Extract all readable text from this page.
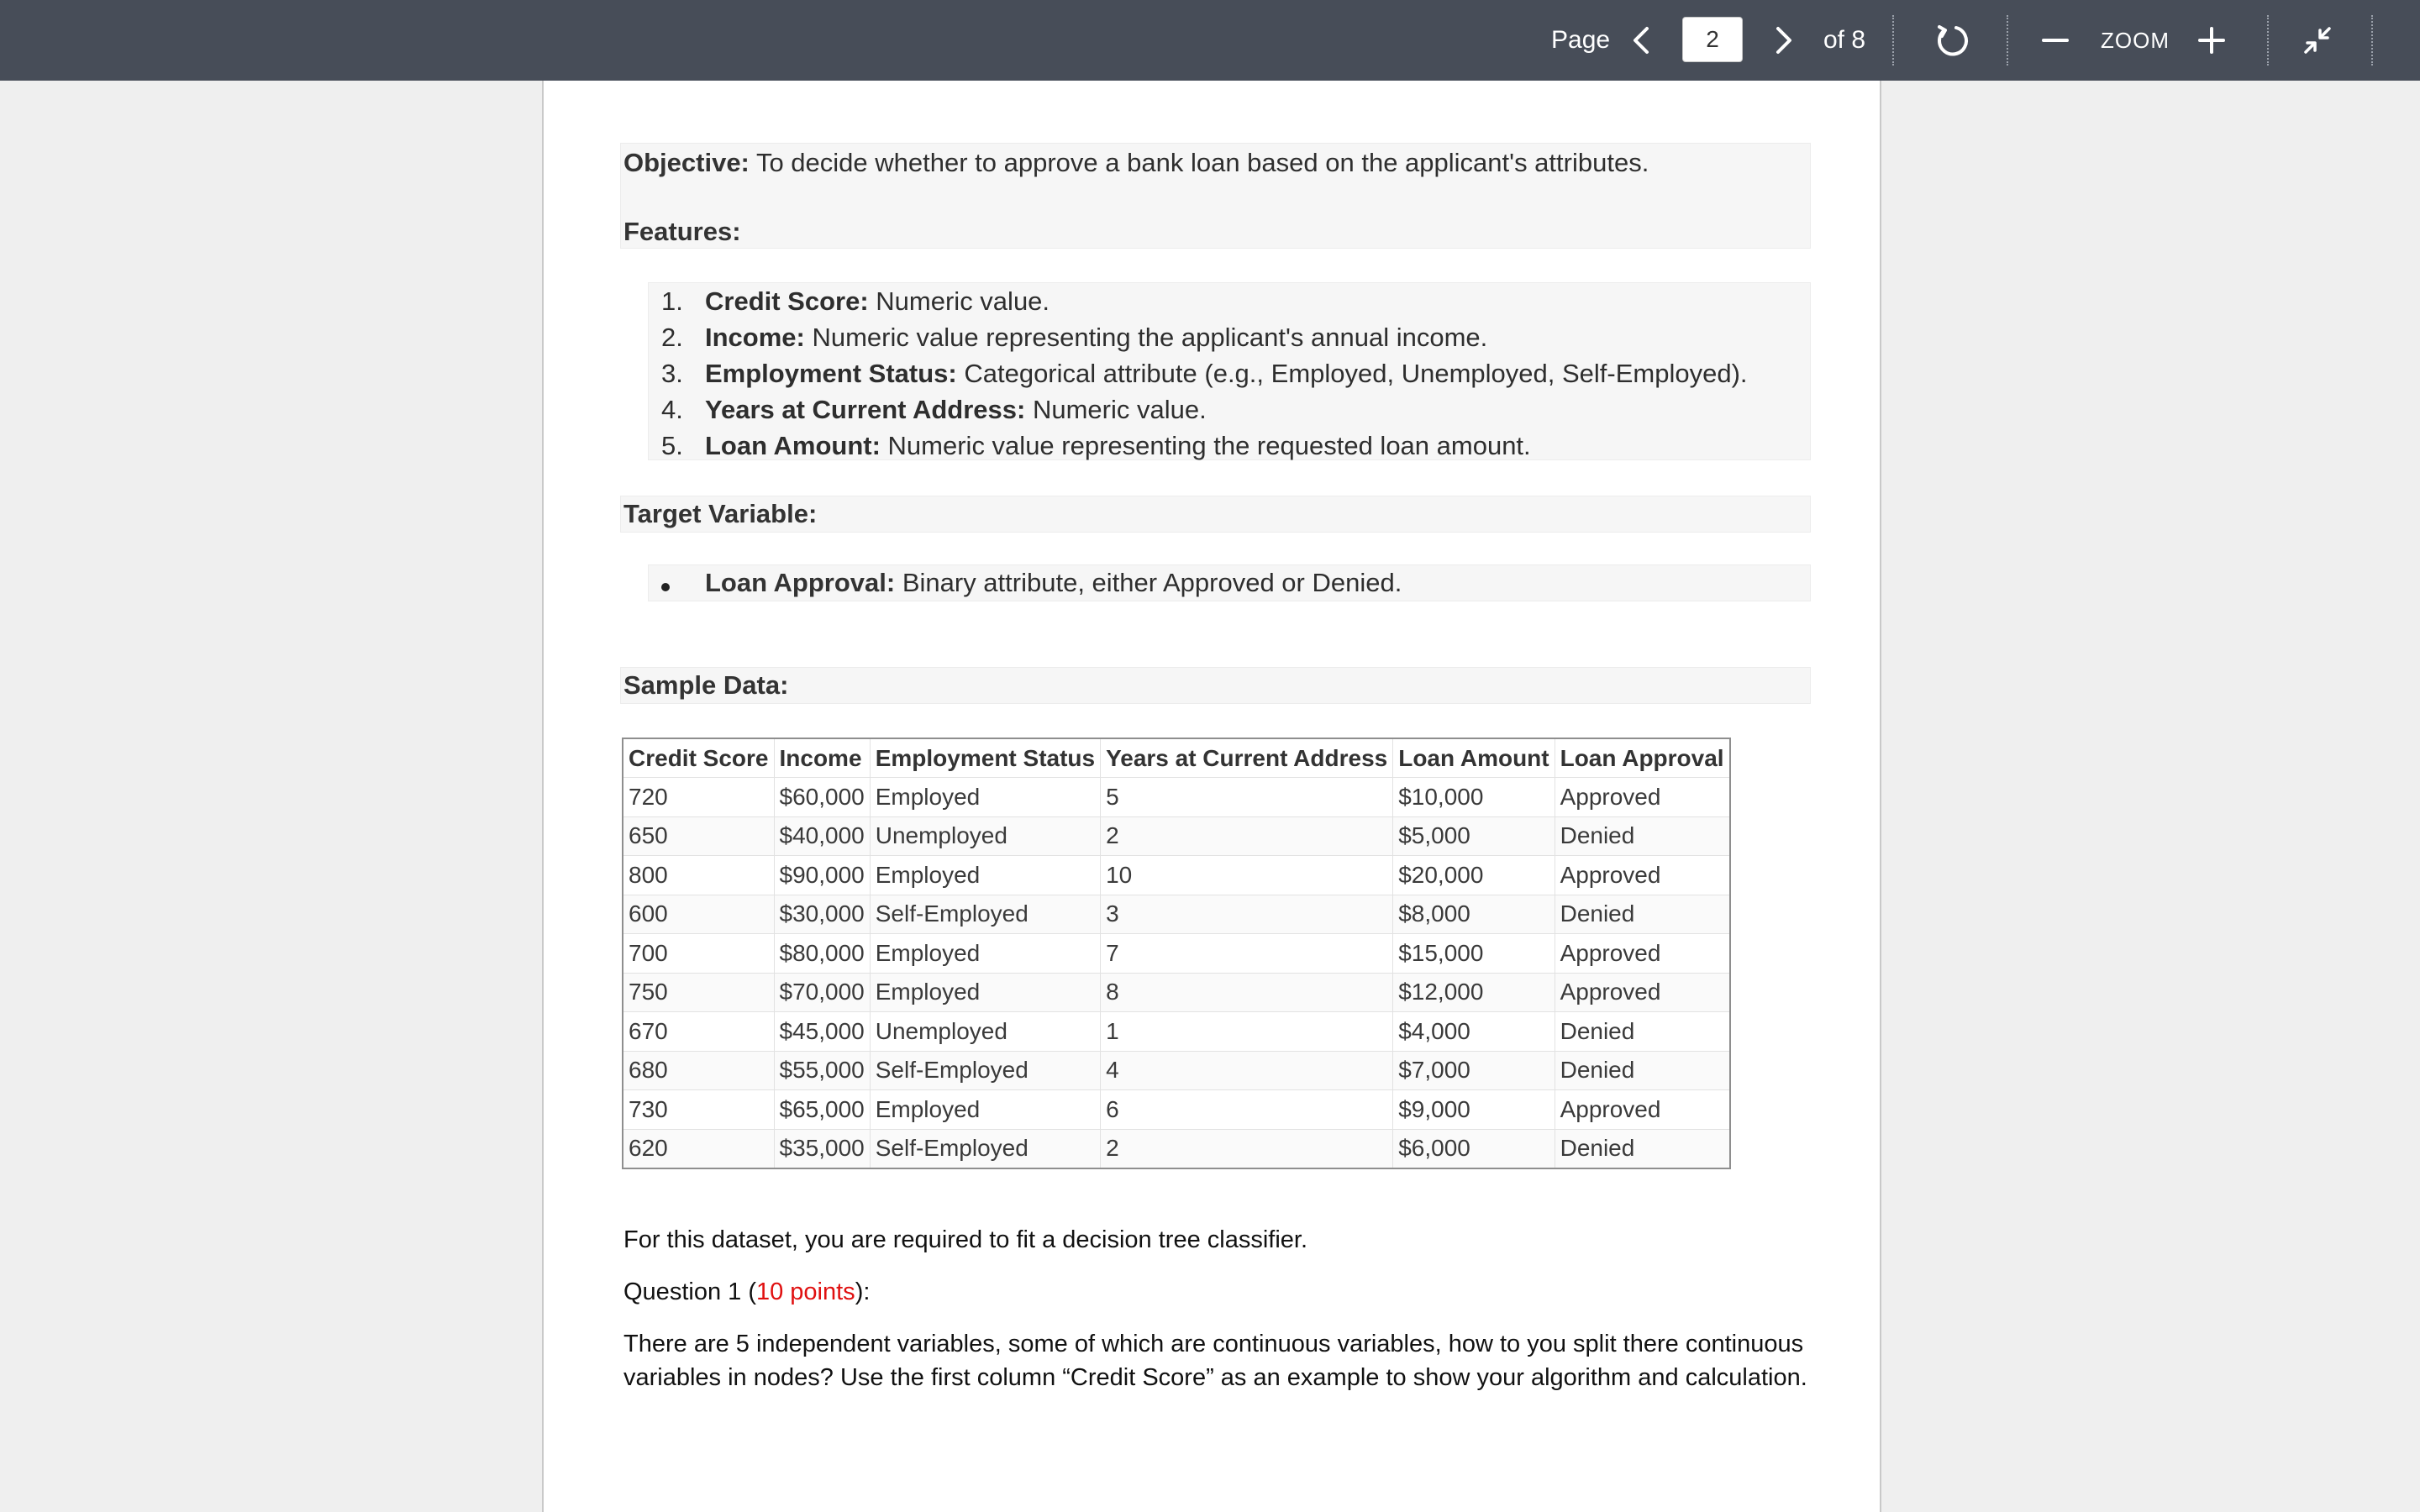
Page
2	of 8	ZOOM
Objective: To decide whether to approve a bank loan based on the applicant's attributes.
Features:
1. Credit Score: Numeric value.
2. Income: Numeric value representing the applicant's annual income.
3. Employment Status: Categorical attribute (e.g., Employed, Unemployed, Self-Employed).
4. Years at Current Address: Numeric value.
5. Loan Amount: Numeric value representing the requested loan amount.
Target Variable:
Loan Approval: Binary attribute, either Approved or Denied.
Sample Data:
Credit Score	Income	Employment Status	Years at Current Address	Loan Amount	Loan Approval
720	$60,000	Employed	5	$10,000	Approved
650	$40,000	Unemployed	2	$5,000	Denied
800	$90,000	Employed	10	$20,000	Approved
600	$30,000	Self-Employed	3	$8,000	Denied
700	$80,000	Employed	7	$15,000	Approved
750	$70,000	Employed	8	$12,000	Approved
670	$45,000	Unemployed	1	$4,000	Denied
680	$55,000	Self-Employed	4	$7,000	Denied
730	$65,000	Employed	6	$9,000	Approved
620	$35,000	Self-Employed	2	$6,000	Denied
For this dataset, you are required to fit a decision tree classifier.
Question 1 (10 points):
There are 5 independent variables, some of which are continuous variables, how to you split there continuous
variables in nodes? Use the first column “Credit Score” as an example to show your algorithm and calculation.
